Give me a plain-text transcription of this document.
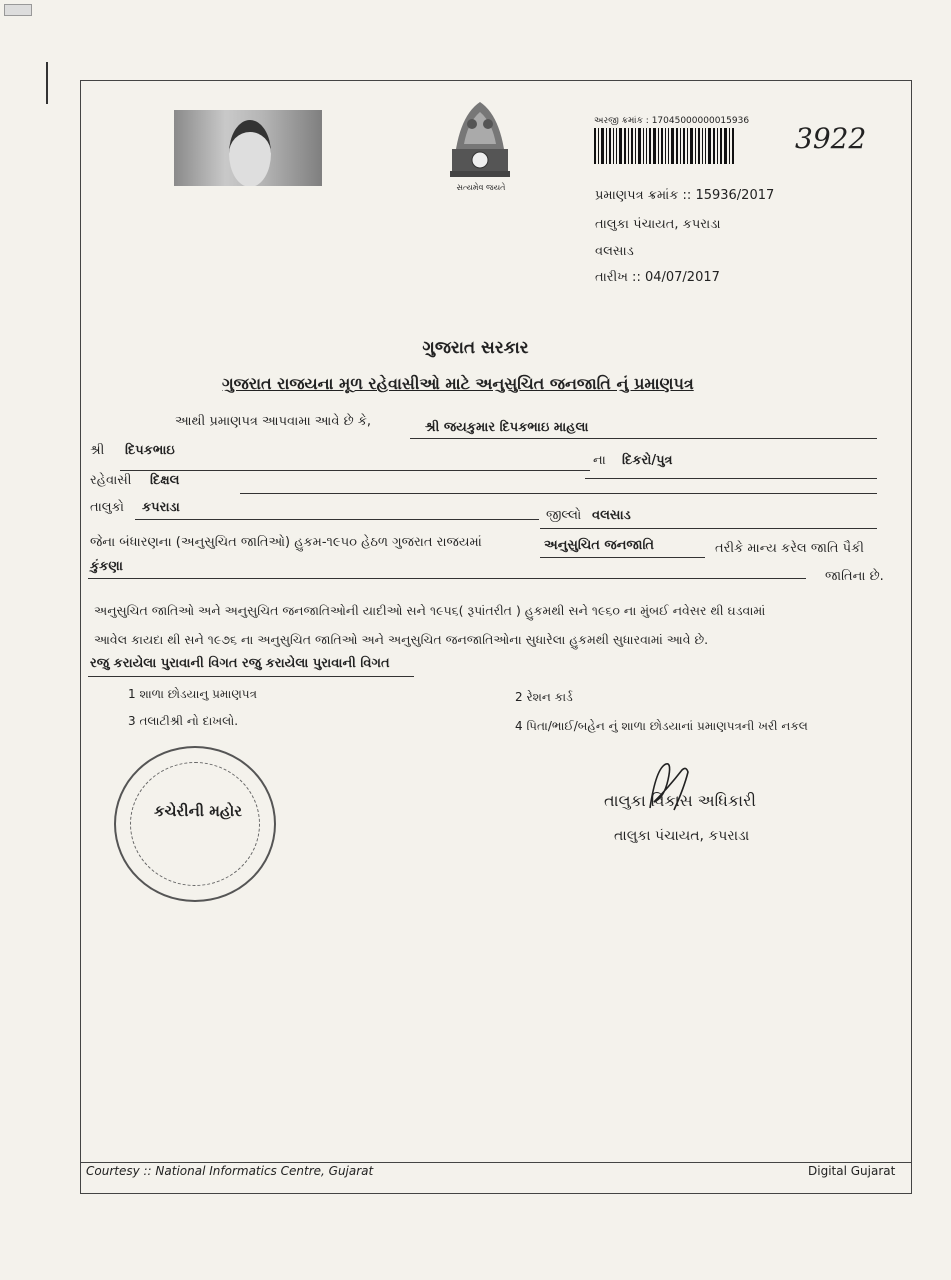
સત્યમેવ જયતે
અરજી ક્રમાંક : 17045000000015936
3922
પ્રમાણપત્ર ક્રમાંક :: 15936/2017
તાલુકા પંચાયત, કપરાડા
વલસાડ
તારીખ :: 04/07/2017
ગુજરાત સરકાર
ગુજરાત રાજયના મૂળ રહેવાસીઓ માટે અનુસુચિત જનજાતિ નું પ્રમાણપત્ર
આથી પ્રમાણપત્ર આપવામા આવે છે કે,	શ્રી જયકુમાર દિપકભાઇ માહલા
શ્રી દિપકભાઇ
ના દિકરો/પુત્ર
રહેવાસી દિક્ષલ
તાલુકો કપરાડા
જીલ્લો વલસાડ
જેના બંધારણના (અનુસુચિત જાતિઓ) હુકમ-૧૯૫૦ હેઠળ ગુજરાત રાજયમાં	અનુસુચિત જનજાતિ	તરીકે માન્ય કરેલ જાતિ પૈકી
કુંકણા
જાતિના છે.
અનુસુચિત જાતિઓ અને અનુસુચિત જનજાતિઓની યાદીઓ સને ૧૯૫૬( રૂપાંતરીત ) હુકમથી સને ૧૯૬૦ ના મુંબઈ નવેસર થી ઘડવામાં
આવેલ કાયદા થી સને ૧૯૭૬ ના અનુસુચિત જાતિઓ અને અનુસુચિત જનજાતિઓના સુધારેલા હુકમથી સુધારવામાં આવે છે.
રજુ કરાયેલા પુરાવાની વિગત રજુ કરાયેલા પુરાવાની વિગત
1 શાળા છોડયાનુ પ્રમાણપત્ર	2 રેશન કાર્ડ
3 તલાટીશ્રી નો દાખલો.	4 પિતા/ભાઈ/બહેન નું શાળા છોડયાનાં પ્રમાણપત્રની ખરી નકલ
કચેરીની મહોર
તાલુકા વિકાસ અધિકારી
તાલુકા પંચાયત, કપરાડા
Courtesy :: National Informatics Centre, Gujarat	Digital Gujarat
